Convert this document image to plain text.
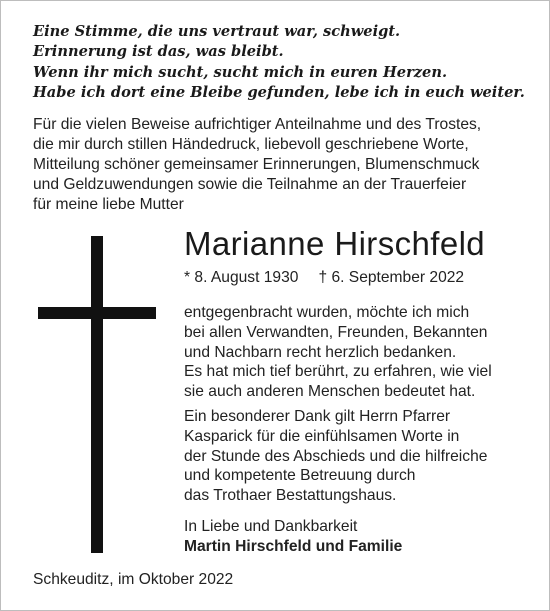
Eine Stimme, die uns vertraut war, schweigt.
Erinnerung ist das, was bleibt.
Wenn ihr mich sucht, sucht mich in euren Herzen.
Habe ich dort eine Bleibe gefunden, lebe ich in euch weiter.
Für die vielen Beweise aufrichtiger Anteilnahme und des Trostes,
die mir durch stillen Händedruck, liebevoll geschriebene Worte,
Mitteilung schöner gemeinsamer Erinnerungen, Blumenschmuck
und Geldzuwendungen sowie die Teilnahme an der Trauerfeier
für meine liebe Mutter
Marianne Hirschfeld
* 8. August 1930 † 6. September 2022
entgegenbracht wurden, möchte ich mich
bei allen Verwandten, Freunden, Bekannten
und Nachbarn recht herzlich bedanken.
Es hat mich tief berührt, zu erfahren, wie viel
sie auch anderen Menschen bedeutet hat.
Ein besonderer Dank gilt Herrn Pfarrer
Kasparick für die einfühlsamen Worte in
der Stunde des Abschieds und die hilfreiche
und kompetente Betreuung durch
das Trothaer Bestattungshaus.
In Liebe und Dankbarkeit
Martin Hirschfeld und Familie
Schkeuditz, im Oktober 2022
